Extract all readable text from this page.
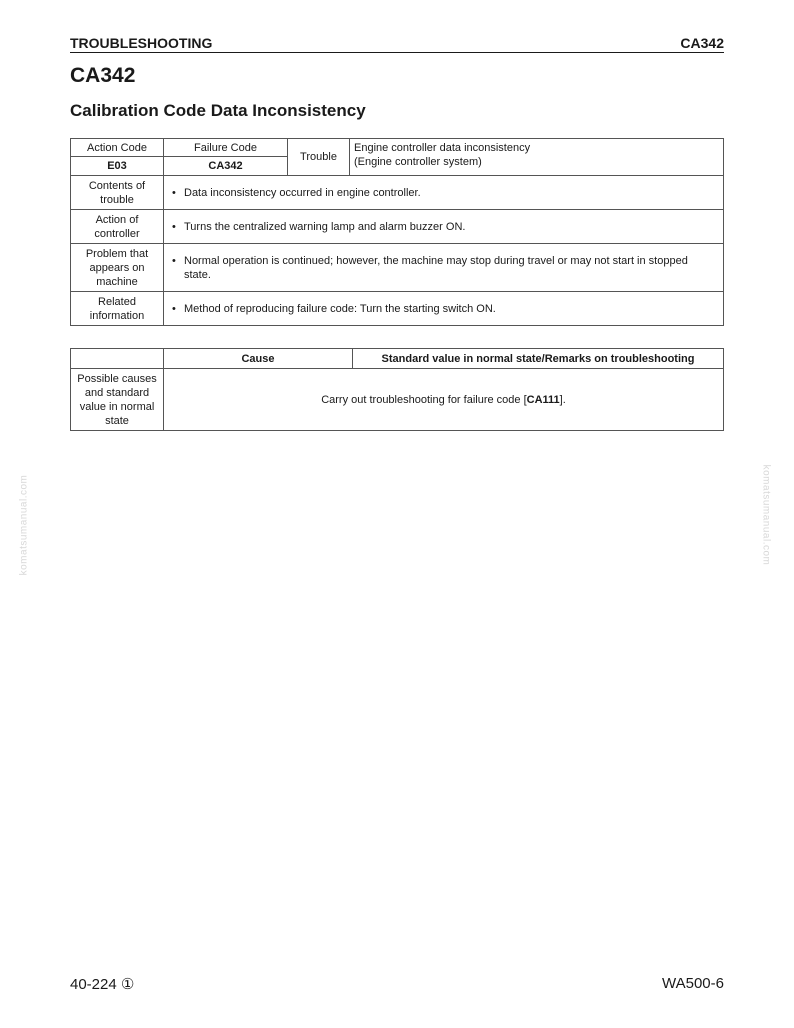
TROUBLESHOOTING	CA342
CA342
Calibration Code Data Inconsistency
Action Code	Failure Code	Trouble	Engine controller data inconsistency
(Engine controller system)

E03	CA342		
Contents of trouble	• Data inconsistency occurred in engine controller.		

Action of controller	• Turns the centralized warning lamp and alarm buzzer ON.		

Problem that appears on machine	• Normal operation is continued; however, the machine may stop during travel or may not start in stopped state.		

Related information	• Method of reproducing failure code: Turn the starting switch ON.		
	Cause	Standard value in normal state/Remarks on troubleshooting
Possible causes and standard value in normal state	Carry out troubleshooting for failure code [CA111].	
komatsumanual.com	komatsumanual.com
40-224 ①	WA500-6
